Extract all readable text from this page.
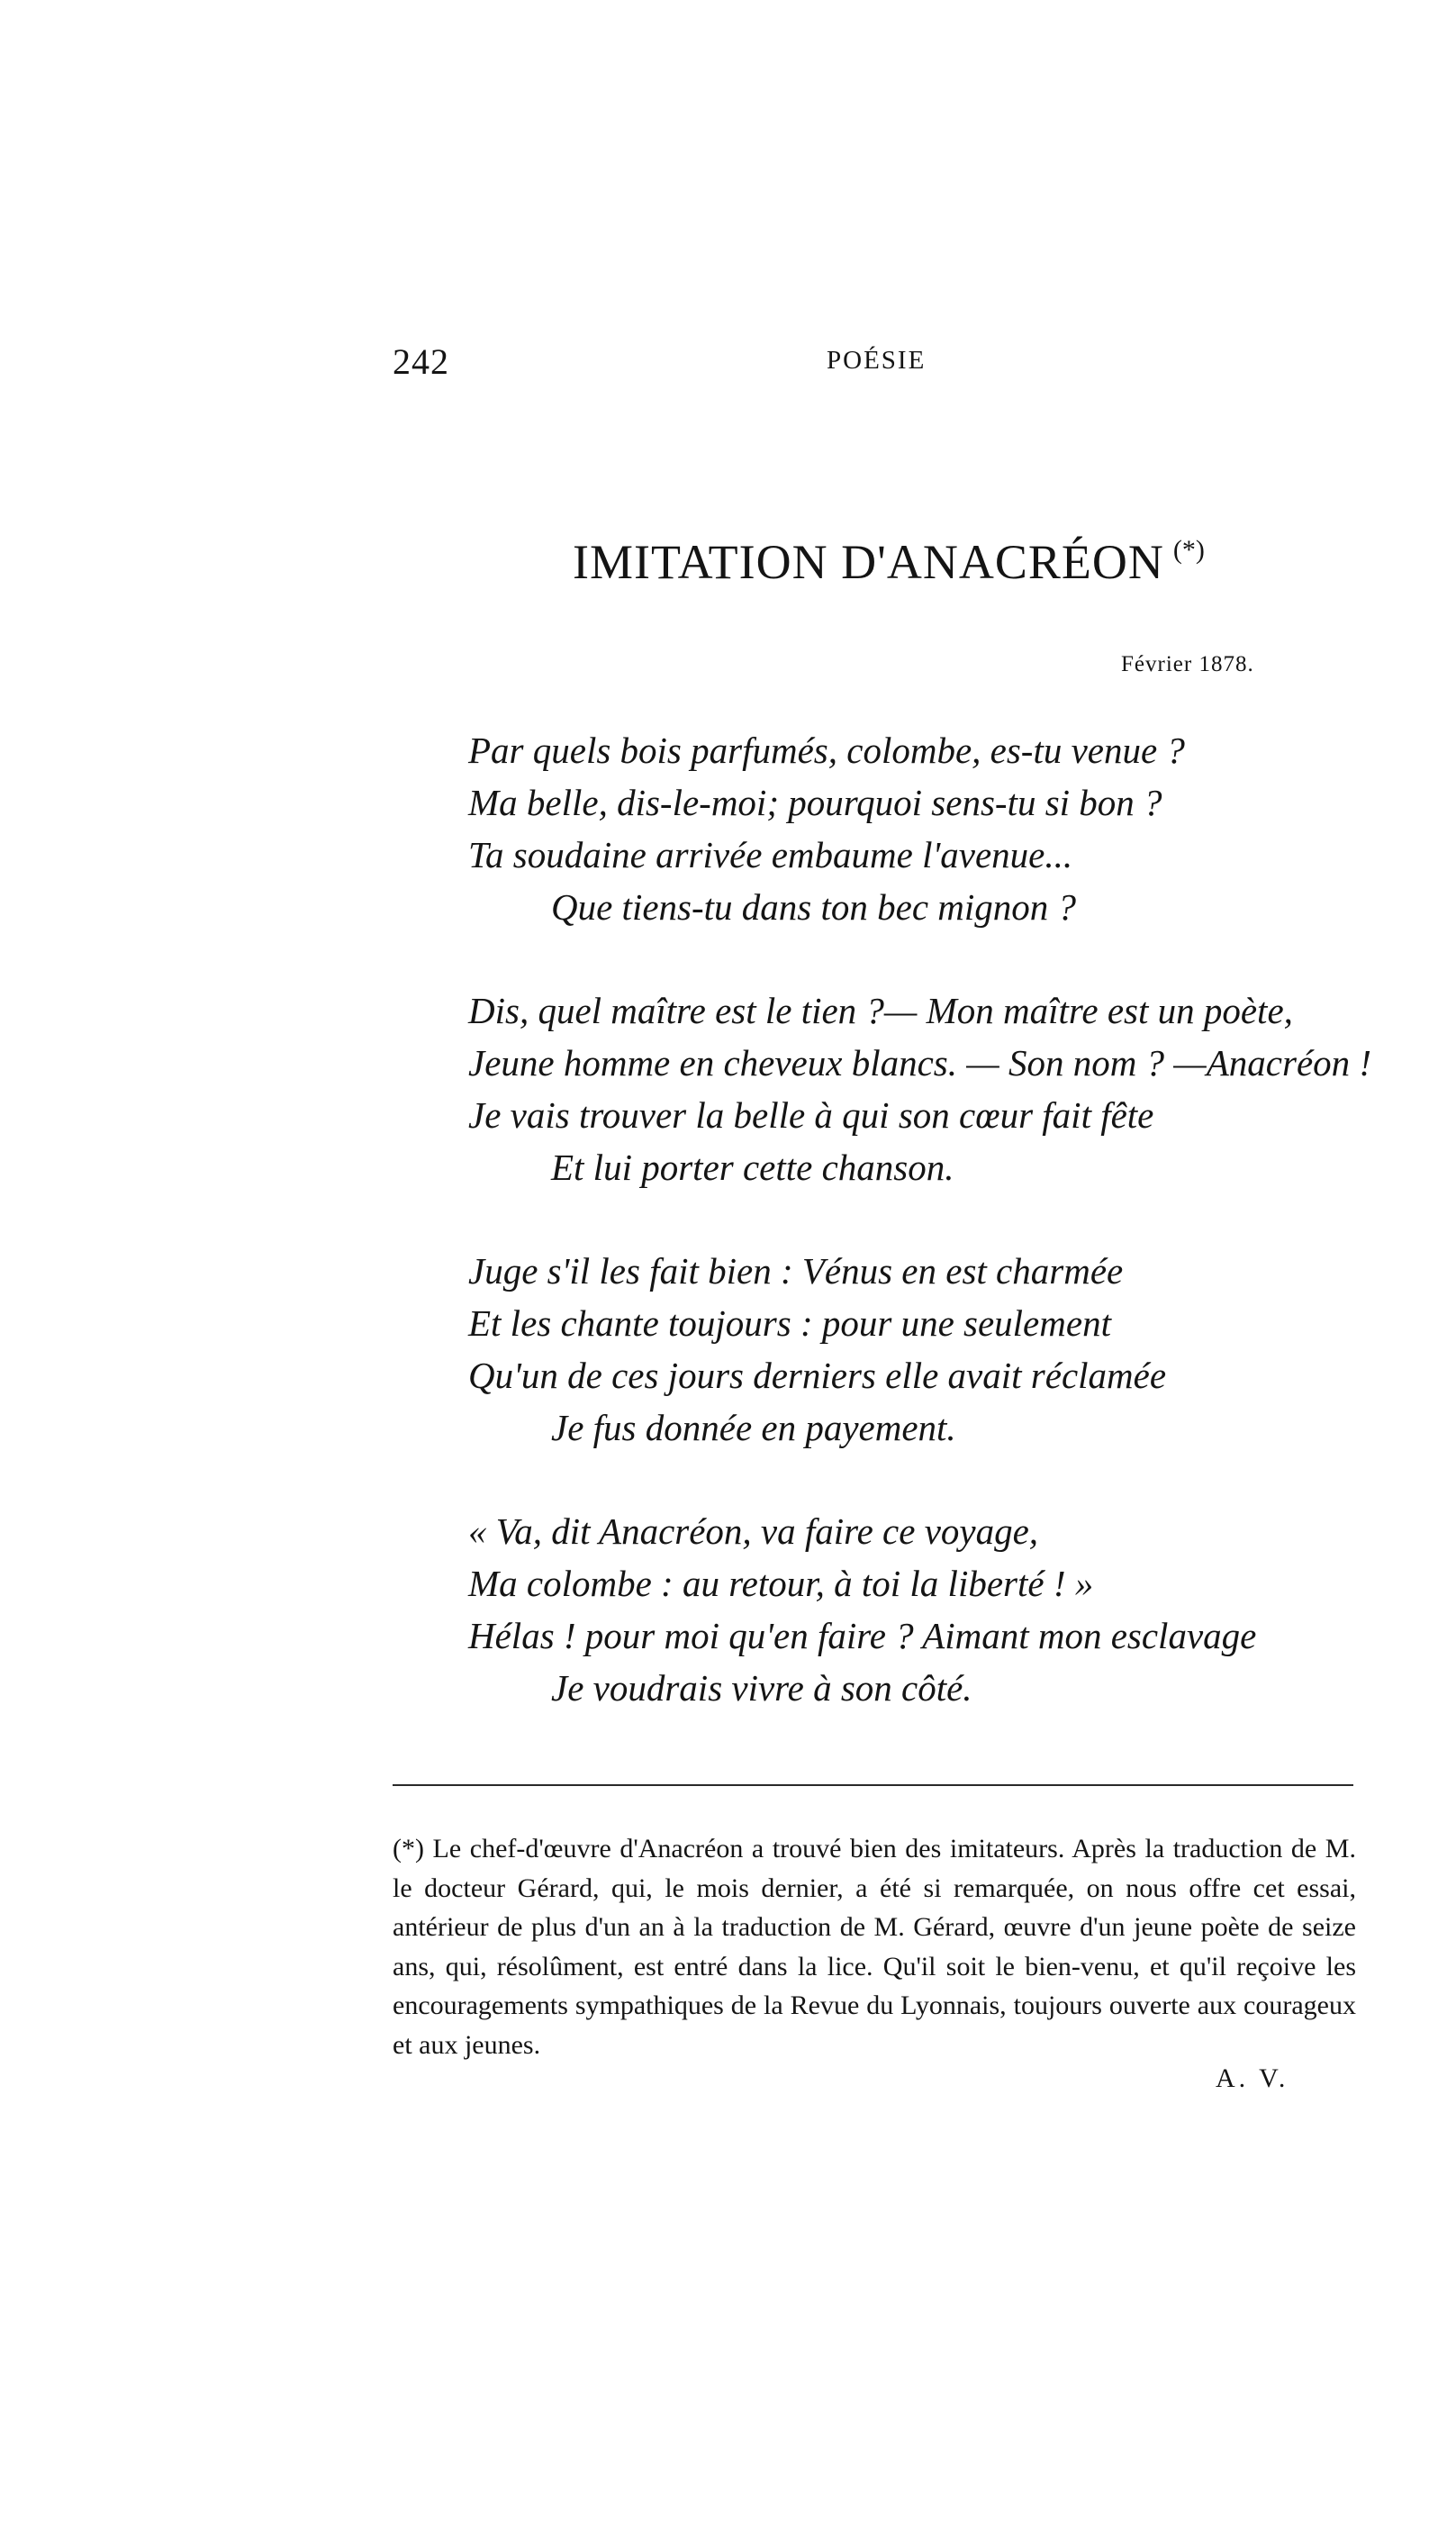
242	POÉSIE
IMITATION D'ANACRÉON (*)
Février 1878.
Par quels bois parfumés, colombe, es-tu venue ?
Ma belle, dis-le-moi; pourquoi sens-tu si bon ?
Ta soudaine arrivée embaume l'avenue...
Que tiens-tu dans ton bec mignon ?
Dis, quel maître est le tien ?— Mon maître est un poète,
Jeune homme en cheveux blancs. — Son nom ? —Anacréon !
Je vais trouver la belle à qui son cœur fait fête
Et lui porter cette chanson.
Juge s'il les fait bien : Vénus en est charmée
Et les chante toujours : pour une seulement
Qu'un de ces jours derniers elle avait réclamée
Je fus donnée en payement.
« Va, dit Anacréon, va faire ce voyage,
Ma colombe : au retour, à toi la liberté ! »
Hélas ! pour moi qu'en faire ? Aimant mon esclavage
Je voudrais vivre à son côté.
(*) Le chef-d'œuvre d'Anacréon a trouvé bien des imitateurs. Après la traduction de M. le docteur Gérard, qui, le mois dernier, a été si remarquée, on nous offre cet essai, antérieur de plus d'un an à la traduction de M. Gérard, œuvre d'un jeune poète de seize ans, qui, résolûment, est entré dans la lice. Qu'il soit le bien-venu, et qu'il reçoive les encouragements sympathiques de la Revue du Lyonnais, toujours ouverte aux courageux et aux jeunes.
A. V.
